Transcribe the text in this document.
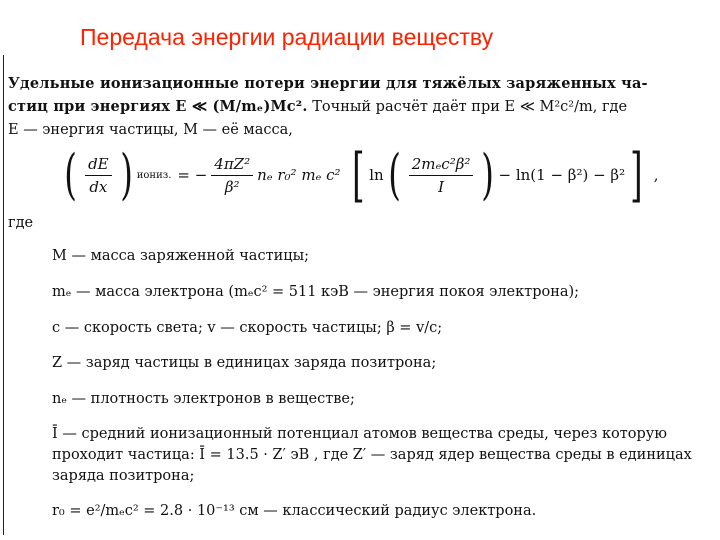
Передача энергии радиации веществу
Удельные ионизационные потери энергии для тяжёлых заряженных ча-
стиц при энергиях E ≪ (M/mₑ)Mc². Точный расчёт даёт при E ≪ M²c²/m, где
E — энергия частицы, M — её масса,
( $\frac{dE}{dx}$ ) иониз. = − $\frac{\text{4πZ²}}{\text{β²}}$ nₑ r₀² mₑ c² [ ln ( $\frac{\text{2mₑc²β²}}{I}$ ) − ln(1 − β²) − β² ] ,
где
M — масса заряженной частицы;
mₑ — масса электрона (mₑc² = 511 кэВ — энергия покоя электрона);
c — скорость света; v — скорость частицы; β = v/c;
Z — заряд частицы в единицах заряда позитрона;
nₑ — плотность электронов в веществе;
Ī — средний ионизационный потенциал атомов вещества среды, через которую проходит частица: Ī = 13.5 · Z′ эВ , где Z′ — заряд ядер вещества среды в единицах заряда позитрона;
r₀ = e²/mₑc² = 2.8 · 10⁻¹³ см — классический радиус электрона.
